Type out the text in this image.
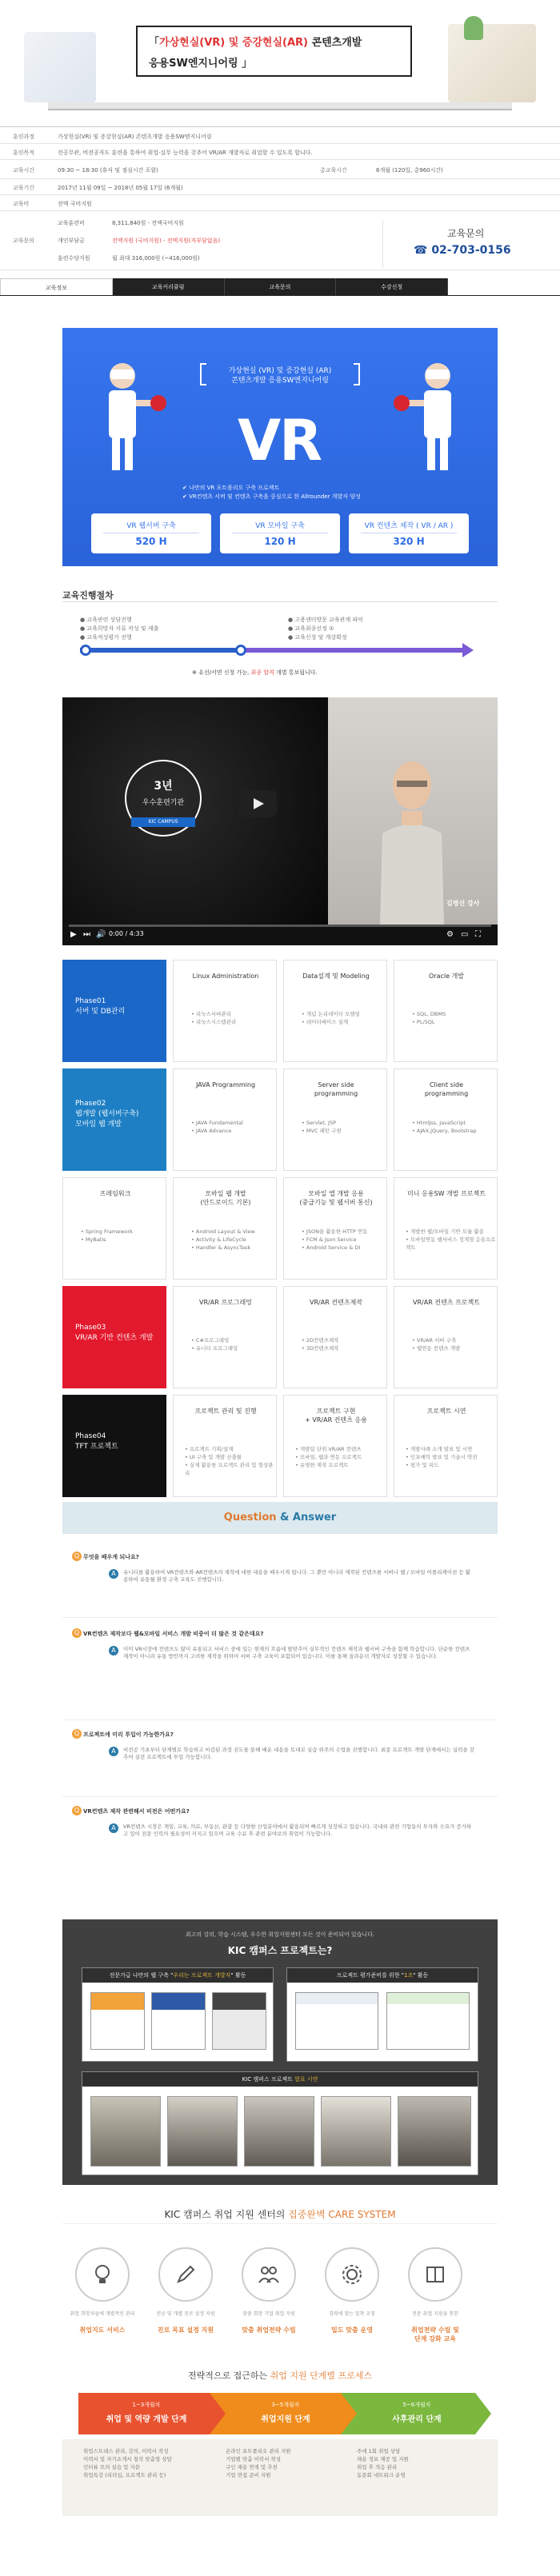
「가상현실(VR) 및 증강현실(AR) 콘텐츠개발
응용SW엔지니어링 」
훈련과정	가상현실(VR) 및 증강현실(AR) 콘텐츠개발 응용SW엔지니어링
훈련목적	전공무관, 비전공자도 훈련을 통하여 취업·실무 능력을 갖추어 VR/AR 개발자로 취업할 수 있도록 합니다.
교육시간	09:30 ~ 18:30 (휴식 및 점심시간 포함)	총교육시간	6개월 (120일, 총960시간)
교육기간	2017년 11월 09일 ~ 2018년 05월 17일 (6개월)
교육비	전액 국비지원
교육문의
교육훈련비	8,311,840원 - 전액국비지원
개인부담금	전액지원 (국비지원) - 전액지원(자부담없음)
훈련수당지원	월 최대 316,000원 (~416,000원)
교육문의
☎ 02-703-0156
교육정보	교육커리큘럼	교육문의	수강신청
가상현실 (VR) 및 증강현실 (AR)
콘텐츠개발 응용SW엔지니어링
VR
✔ 나만의 VR 포트폴리오 구축 프로젝트
✔ VR컨텐츠 서버 및 컨텐츠 구축을 중심으로 한 Allrounder 개발자 양성
VR 웹서버 구축
520 H
VR 모바일 구축
120 H
VR 컨텐츠 제작 ( VR / AR )
320 H
교육진행절차
● 교육관련 상담진행
● 교육희망자 서류 작성 및 제출
● 교육적성평가 진행
● 고용센터방문 교육관계 파악
● 교육최종선정 ①
● 교육신청 및 개강확정
※ 유선/서면 신청 가능, 최종 합격 개별 통보됩니다.
3년
우수훈련기관
KIC CAMPUS
김병선 강사
▶ ⏭ 🔊 0:00 / 4:33	⚙ ▭ ⛶
Phase01
서버 및 DB관리
Linux Administration
• 리눅스서버관리
• 리눅스시스템관리
Data설계 및 Modeling
• 개념 논리데이터 모델링
• 데이터베이스 설계
Oracle 개발
• SQL, DBMS
• PL/SQL
Phase02
웹개발 (웹서버구축)
모바일 웹 개발
JAVA Programming
• JAVA Fundamental
• JAVA Advance
Server side
programming
• Servlet, JSP
• MVC 패턴 구현
Client side
programming
• HtmlJss, JavaScript
• AJAX,jQuery, Bootstrap
프레임워크
• Spring Framework
• MyBatis
모바일 웹 개발
(안드로이드 기본)
• Android Layout & View
• Activity & LifeCycle
• Handler & AsyncTask
모바일 앱 개발 응용
(중급기능 및 웹서버 통신)
• JSON을 활용한 HTTP 연동
• FCM & Json Service
• Android Service & DI
미니 응용SW 개발 프로젝트
• 개발한 웹/모바일 기반 모듈 활용
• 모바일연동 웹서비스 정계형 응용프로젝트
Phase03
VR/AR 기반 컨텐츠 개발
VR/AR 프로그래밍
• C#프로그래밍
• 유니티 프로그래밍
VR/AR 컨텐츠제작
• 2D컨텐츠제작
• 3D컨텐츠제작
VR/AR 컨텐츠 프로젝트
• VR/AR 서버 구축
• 웹연동 컨텐츠 개발
Phase04
TFT 프로젝트
프로젝트 관리 및 진행
• 프로젝트 기획/설계
• UI 구축 및 개발 산출물
• 실제 활용한 프로젝트 관리 및 형상관리
프로젝트 구현
+ VR/AR 컨텐츠 응용
• 개발팀 단위 VR/AR 컨텐츠
• 모바일, 웹과 연동 프로젝트
• 유명한 제작 프로젝트
프로젝트 시연
• 개발사례 소개 발표 및 시연
• 인포매틱 발표 및 기술시 약전
• 평가 및 피드
Question & Answer
Q 무엇을 배우게 되나요?
A	유니티를 활용하여 VR컨텐츠와 AR컨텐츠의 제작에 대한 내용을 배우시게 됩니다. 그 뿐만 아니라 제작된 컨텐츠를 서버나 웹 / 모바일 어플리케이션 등 활용하여 유통될 환경 구축 교육도 진행합니다.
Q VR컨텐츠 제작보다 웹&모바일 서비스 개발 비중이 더 많은 것 같은데요?
A	이미 VR시장에 컨텐츠도 많이 유통되고 서비스 중에 있는 현재의 흐름에 발맞추어 실무적인 컨텐츠 제작과 웹서버 구축을 함께 학습합니다. 단순한 컨텐츠 제작이 아니라 유통 방안까지 고려한 제작을 위하여 서버 구축 교육이 포함되어 있습니다. 이를 통해 올라운더 개발자로 성장할 수 있습니다.
Q 프로젝트에 미리 투입이 가능한가요?
A	비전공 기초부터 단계별로 학습하고 마감된 과정 진도를 통해 배운 내용을 토대로 실습 위주의 수업을 진행합니다. 최종 프로젝트 개발 단계에서는 실력을 갖추어 실전 프로젝트에 투입 가능합니다.
Q VR컨텐츠 제작 관련해서 비전은 어떤가요?
A	VR컨텐츠 시장은 게임, 교육, 의료, 부동산, 관광 등 다양한 산업분야에서 활용되며 빠르게 성장하고 있습니다. 국내외 관련 기업들의 투자와 수요가 증가하고 있어 전문 인력의 필요성이 커지고 있으며 교육 수료 후 관련 분야로의 취업이 가능합니다.
최고의 강의, 학습 시스템, 우수한 취업지원센터 모든 것이 준비되어 있습니다.
KIC 캠퍼스 프로젝트는?
전문가급 나만의 웹 구축 "우리는 프로젝트 개발자" 활동	프로젝트 평가준비를 위한 "1조" 활동
KIC 캠퍼스 프로젝트 발표 시연
KIC 캠퍼스 취업 지원 센터의 집중완벽 CARE SYSTEM
취업 희망자들에 개별적인 관리	전공 및 개별 진로 설정 지원	맞춤 희망 기업 취업 지원	경력에 맞는 밀착 코칭	전문 취업 지원을 통한
취업지도 서비스	진로 목표 설정 지원	맞춤 취업전략 수립	밀도 맞춤 운영	취업전략 수립 및
단계 강화 교육
전략적으로 접근하는 취업 지원 단계별 프로세스
1~3개월차
취업 및 역량 개발 단계
3~5개월차
취업지원 단계
5~6개월차
사후관리 단계
취업스트레스 관리, 강의, 이력서 작성
이력서 및 자기소개서 첨삭 맞춤형 상담
인터뷰 모의 실습 및 자문
취업특강 (리더십, 프로젝트 관리 등)
온라인 포트폴리오 관리 지원
기업별 맞춤 이력서 작성
구인 채용 연계 및 추천
기업 면접 준비 지원
주에 1회 취업 상담
채용 정보 제공 및 지원
취업 후 적응 관리
동문회 네트워크 운영
